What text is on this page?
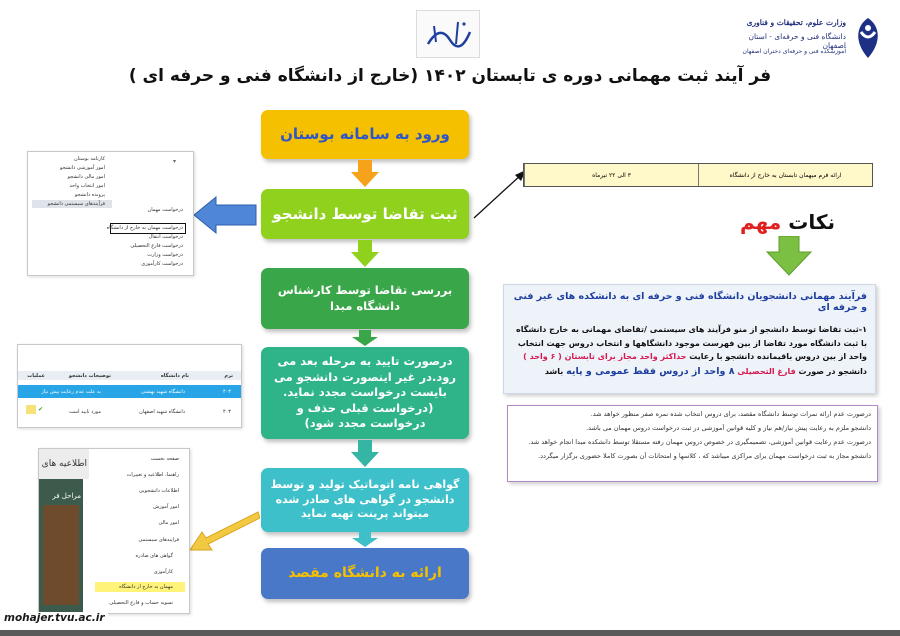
وزارت علوم، تحقیقات و فناوری
دانشگاه فنی و حرفه‌ای - استان اصفهان
آموزشکده فنی و حرفه‌ای دختران اصفهان
فر آیند ثبت مهمانی دوره ی تابستان ۱۴۰۲ (خارج از دانشگاه فنی و حرفه ای )
ورود به سامانه بوستان
ثبت تقاضا توسط دانشجو
بررسی تقاضا توسط کارشناس دانشگاه مبدا
درصورت تایید به مرحله بعد می رود.در غیر اینصورت دانشجو می بایست درخواست مجدد نماید.(درخواست قبلی حذف و درخواست مجدد شود)
گواهی نامه اتوماتیک تولید و توسط دانشجو در گواهی های صادر شده میتواند پرینت تهیه نماید
ارائه به دانشگاه مقصد
کارنامه بوستان
امور آموزشی دانشجو
امور مالی دانشجو
امور انتخاب واحد
پرونده دانشجو
فرآیندهای سیستمی دانشجو
درخواست مهمان
درخواست مهمان به خارج از دانشگاه
درخواست انتقال
درخواست فارغ التحصیلی
درخواست وزارت
درخواست کارآموزی
▾
ترم
نام دانشگاه
توضیحات دانشجو
عملیات
۴۰۳
دانشگاه شهید بهشتی
به علت عدم رعایت پیش نیاز
۴۰۳
دانشگاه شهید اصفهان
مورد تایید است
✔
اطلاعیه های
مراحل فر
صفحه نخست
راهنما، اطلاعیه و تغییرات
اطلاعات دانشجویی
امور آموزش
امور مالی
فرایندهای سیستمی
گواهی های صادره
کارآموزی
مهمان به خارج از دانشگاه
تسویه حساب و فارغ التحصیلی
ارائه فرم میهمان تابستان به خارج از دانشگاه
۳ الی ۲۲ تیرماه
نکات مهم
فرآیند مهمانی دانشجویان دانشگاه فنی و حرفه ای به دانشکده های غیر فنی و حرفه ای
۱-ثبت تقاضا توسط دانشجو از منو فرآیند های سیستمی /تقاضای مهمانی به خارج دانشگاه با ثبت دانشگاه مورد تقاضا از بین فهرست موجود دانشگاهها و انتخاب دروس جهت انتخاب واحد از بین دروس باقیمانده دانشجو با رعایت حداکثر واحد مجاز برای تابستان ( ۶ واحد ) دانشجو در صورت فارغ التحصیلی ۸ واحد از دروس فقط عمومی و پایه باشد
درصورت عدم ارائه نمرات توسط دانشگاه مقصد، برای دروس انتخاب شده نمره صفر منظور خواهد شد.
دانشجو ملزم به رعایت پیش نیاز/هم نیاز و کلیه قوانین آموزشی در ثبت درخواست دروس مهمان می باشد.
درصورت عدم رعایت قوانین آموزشی، تصمیمگیری در خصوص دروس مهمان رفته مستقلا توسط دانشکده مبدا انجام خواهد شد.
دانشجو مجاز به ثبت درخواست مهمان برای مراکزی میباشد که ، کلاسها و امتحانات آن بصورت کاملا حضوری برگزار میگردد.
mohajer.tvu.ac.ir
